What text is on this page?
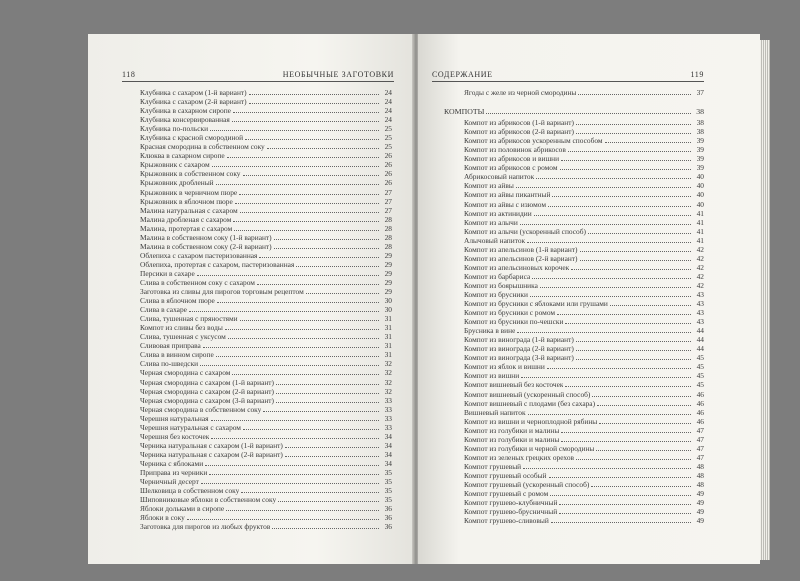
118	НЕОБЫЧНЫЕ ЗАГОТОВКИ
Клубника с сахаром (1-й вариант)	24
Клубника с сахаром (2-й вариант)	24
Клубника в сахарном сиропе	24
Клубника консервированная	24
Клубника по-польски	25
Клубника с красной смородиной	25
Красная смородина в собственном соку	25
Клюква в сахарном сиропе	26
Крыжовник с сахаром	26
Крыжовник в собственном соку	26
Крыжовник дробленый	26
Крыжовник в черничном пюре	27
Крыжовник в яблочном пюре	27
Малина натуральная с сахаром	27
Малина дробленая с сахаром	28
Малина, протертая с сахаром	28
Малина в собственном соку (1-й вариант)	28
Малина в собственном соку (2-й вариант)	28
Облепиха с сахаром пастеризованная	29
Облепиха, протертая с сахаром, пастеризованная	29
Персики в сахаре	29
Слива в собственном соку с сахаром	29
Заготовка из сливы для пирогов торговым рецептом	29
Слива в яблочном пюре	30
Слива в сахаре	30
Слива, тушенная с пряностями	31
Компот из сливы без воды	31
Слива, тушенная с уксусом	31
Сливовая приправа	31
Слива в винном сиропе	31
Слива по-шведски	32
Черная смородина с сахаром	32
Черная смородина с сахаром (1-й вариант)	32
Черная смородина с сахаром (2-й вариант)	32
Черная смородина с сахаром (3-й вариант)	33
Черная смородина в собственном соку	33
Черешня натуральная	33
Черешня натуральная с сахаром	33
Черешня без косточек	34
Черника натуральная с сахаром (1-й вариант)	34
Черника натуральная с сахаром (2-й вариант)	34
Черника с яблоками	34
Приправа из черники	35
Черничный десерт	35
Шелковица в собственном соку	35
Шиповниковые яблоки в собственном соку	35
Яблоки дольками в сиропе	36
Яблоки в соку	36
Заготовка для пирогов из любых фруктов	36
СОДЕРЖАНИЕ	119
Ягоды с желе из черной смородины	37
КОМПОТЫ	38
Компот из абрикосов (1-й вариант)	38
Компот из абрикосов (2-й вариант)	38
Компот из абрикосов ускоренным способом	39
Компот из половинок абрикосов	39
Компот из абрикосов и вишни	39
Компот из абрикосов с ромом	39
Абрикосовый напиток	40
Компот из айвы	40
Компот из айвы пикантный	40
Компот из айвы с изюмом	40
Компот из актинидии	41
Компот из алычи	41
Компот из алычи (ускоренный способ)	41
Алычовый напиток	41
Компот из апельсинов (1-й вариант)	42
Компот из апельсинов (2-й вариант)	42
Компот из апельсиновых корочек	42
Компот из барбариса	42
Компот из боярышника	42
Компот из брусники	43
Компот из брусники с яблоками или грушами	43
Компот из брусники с ромом	43
Компот из брусники по-чешски	43
Брусника в вине	44
Компот из винограда (1-й вариант)	44
Компот из винограда (2-й вариант)	44
Компот из винограда (3-й вариант)	45
Компот из яблок и вишни	45
Компот из вишни	45
Компот вишневый без косточек	45
Компот вишневый (ускоренный способ)	46
Компот вишневый с плодами (без сахара)	46
Вишневый напиток	46
Компот из вишни и черноплодной рябины	46
Компот из голубики и малины	47
Компот из голубики и малины	47
Компот из голубики и черной смородины	47
Компот из зеленых грецких орехов	47
Компот грушевый	48
Компот грушевый особый	48
Компот грушевый (ускоренный способ)	48
Компот грушевый с ромом	49
Компот грушево-клубничный	49
Компот грушево-брусничный	49
Компот грушево-сливовый	49
